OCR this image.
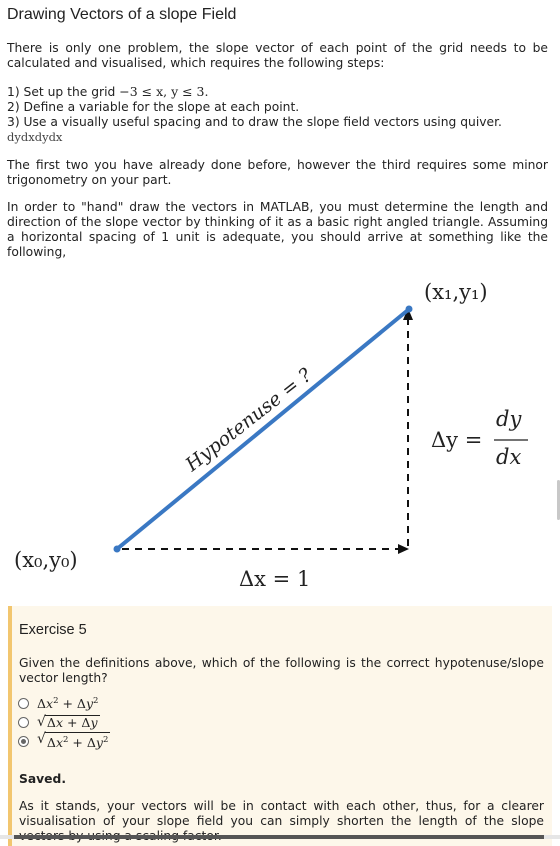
Drawing Vectors of a slope Field

There is only one problem, the slope vector of each point of the grid needs to be calculated and visualised, which requires the following steps:

1) Set up the grid −3 ≤ x, y ≤ 3.
2) Define a variable for the slope at each point.
3) Use a visually useful spacing and to draw the slope field vectors using quiver.
dydxdydx

The first two you have already done before, however the third requires some minor trigonometry on your part.

In order to "hand" draw the vectors in MATLAB, you must determine the length and direction of the slope vector by thinking of it as a basic right angled triangle. Assuming a horizontal spacing of 1 unit is adequate, you should arrive at something like the following,

(x₁,y₁)
(x₀,y₀)
Hypotenuse = ?
Δx = 1
Δy =
dy
dx
Exercise 5
Given the definitions above, which of the following is the correct hypotenuse/slope vector length?
$\Delta x^2 + \Delta y^2$
√ Δx + Δy
√ $\Delta x^2 + \Delta y^2$
Saved.
As it stands, your vectors will be in contact with each other, thus, for a clearer visualisation of your slope field you can simply shorten the length of the slope
